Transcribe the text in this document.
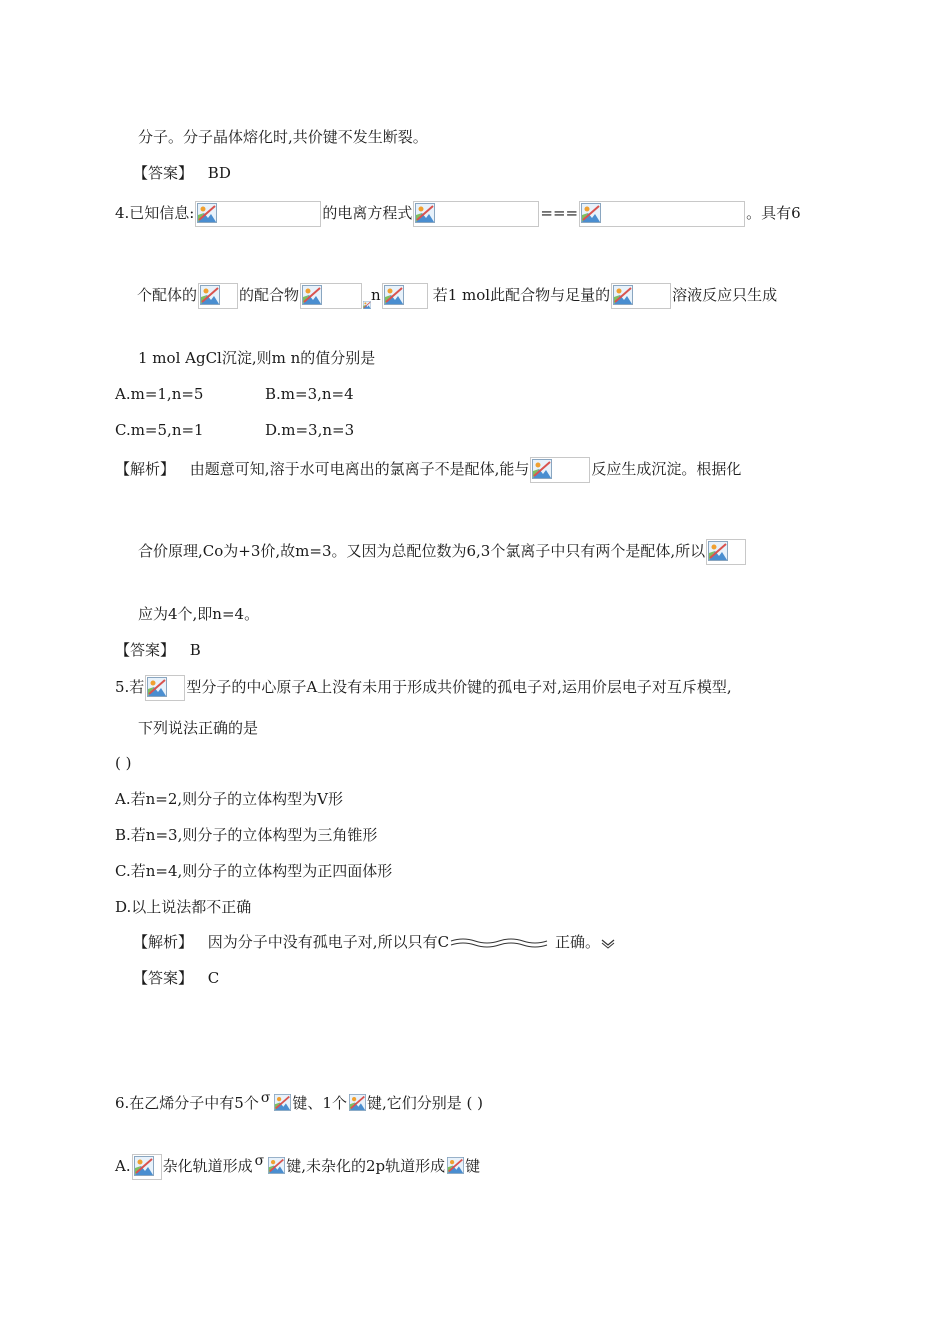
分子。分子晶体熔化时,共价键不发生断裂。
【答案】 BD
4.已知信息:	的电离方程式	===	。具有6
个配体的	的配合物	n	若1 mol此配合物与足量的	溶液反应只生成
1 mol AgCl沉淀,则m n的值分别是
A.m=1,n=5	B.m=3,n=4
C.m=5,n=1	D.m=3,n=3
【解析】 由题意可知,溶于水可电离出的氯离子不是配体,能与	反应生成沉淀。根据化
合价原理,Co为+3价,故m=3。又因为总配位数为6,3个氯离子中只有两个是配体,所以
应为4个,即n=4。
【答案】 B
5.若	型分子的中心原子A上没有未用于形成共价键的孤电子对,运用价层电子对互斥模型,
下列说法正确的是
( )
A.若n=2,则分子的立体构型为V形
B.若n=3,则分子的立体构型为三角锥形
C.若n=4,则分子的立体构型为正四面体形
D.以上说法都不正确
【解析】 因为分子中没有孤电子对,所以只有C	正确。
【答案】 C
6.在乙烯分子中有5个 σ 键、1个 键,它们分别是 ( )
A. 杂化轨道形成 σ 键,未杂化的2p轨道形成 键
